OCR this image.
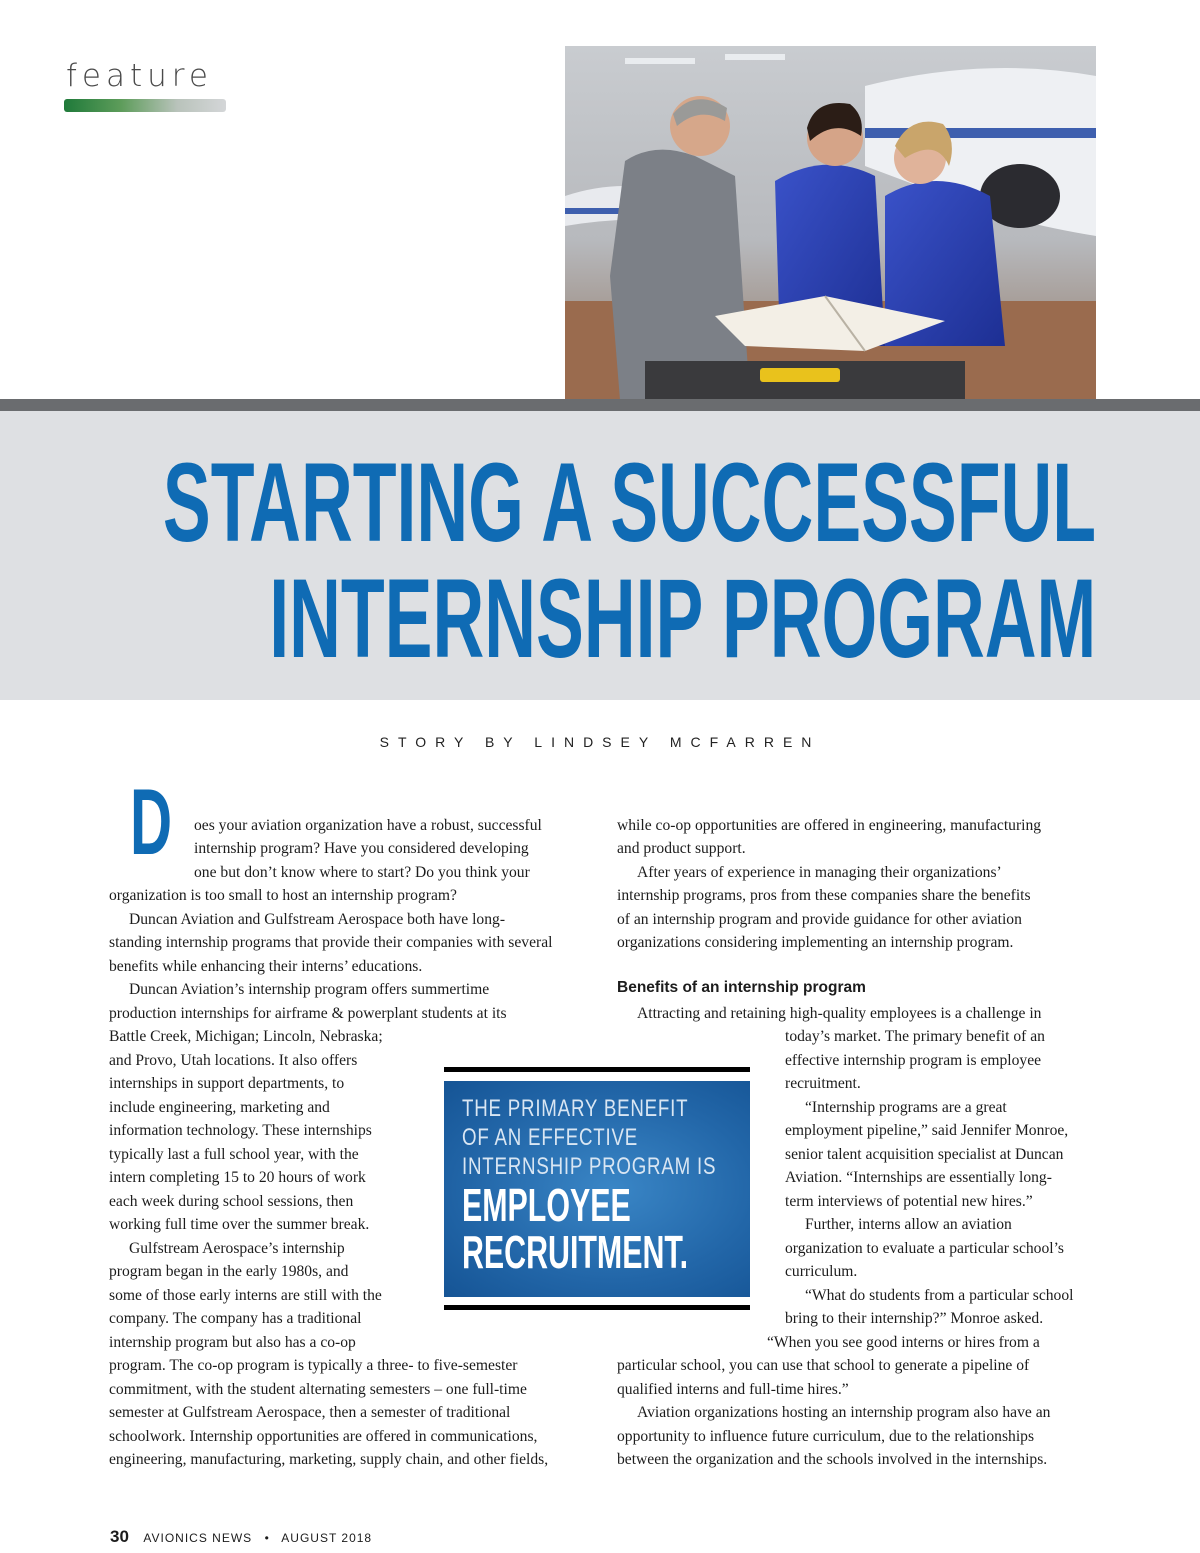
feature
STARTING A SUCCESSFUL
INTERNSHIP PROGRAM
STORY BY LINDSEY MCFARREN
D oes your aviation organization have a robust, successful
internship program? Have you considered developing
one but don’t know where to start? Do you think your
organization is too small to host an internship program?
Duncan Aviation and Gulfstream Aerospace both have long-
standing internship programs that provide their companies with several
benefits while enhancing their interns’ educations.
Duncan Aviation’s internship program offers summertime
production internships for airframe & powerplant students at its
Battle Creek, Michigan; Lincoln, Nebraska;
and Provo, Utah locations. It also offers
internships in support departments, to
include engineering, marketing and
information technology. These internships
typically last a full school year, with the
intern completing 15 to 20 hours of work
each week during school sessions, then
working full time over the summer break.
Gulfstream Aerospace’s internship
program began in the early 1980s, and
some of those early interns are still with the
company. The company has a traditional
internship program but also has a co-op
program. The co-op program is typically a three- to five-semester
commitment, with the student alternating semesters – one full-time
semester at Gulfstream Aerospace, then a semester of traditional
schoolwork. Internship opportunities are offered in communications,
engineering, manufacturing, marketing, supply chain, and other fields,
while co-op opportunities are offered in engineering, manufacturing
and product support.
After years of experience in managing their organizations’
internship programs, pros from these companies share the benefits
of an internship program and provide guidance for other aviation
organizations considering implementing an internship program.
Benefits of an internship program
Attracting and retaining high-quality employees is a challenge in
today’s market. The primary benefit of an
effective internship program is employee
recruitment.
“Internship programs are a great
employment pipeline,” said Jennifer Monroe,
senior talent acquisition specialist at Duncan
Aviation. “Internships are essentially long-
term interviews of potential new hires.”
Further, interns allow an aviation
organization to evaluate a particular school’s
curriculum.
“What do students from a particular school
bring to their internship?” Monroe asked.
“When you see good interns or hires from a
particular school, you can use that school to generate a pipeline of
qualified interns and full-time hires.”
Aviation organizations hosting an internship program also have an
opportunity to influence future curriculum, due to the relationships
between the organization and the schools involved in the internships.
THE PRIMARY BENEFIT
OF AN EFFECTIVE
INTERNSHIP PROGRAM IS
EMPLOYEE
RECRUITMENT.
30 AVIONICS NEWS • AUGUST 2018
